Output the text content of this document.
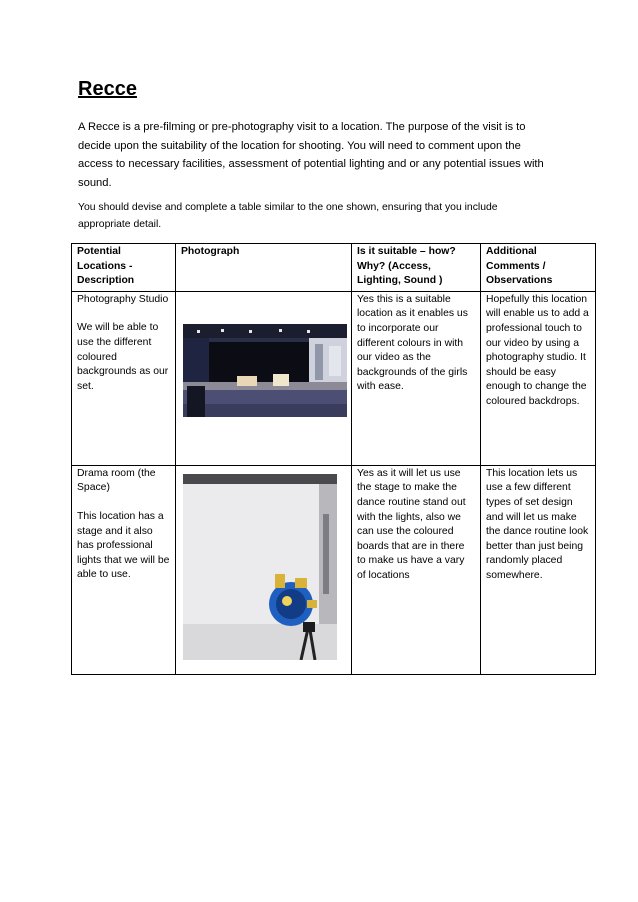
Recce

A Recce is a pre-filming or pre-photography visit to a location. The purpose of the visit is to decide upon the suitability of the location for shooting. You will need to comment upon the access to necessary facilities, assessment of potential lighting and or any potential issues with sound.

You should devise and complete a table similar to the one shown, ensuring that you include appropriate detail.

Potential Locations - Description	Photograph	Is it suitable – how? Why? (Access, Lighting, Sound )	Additional Comments / Observations

Photography Studio

We will be able to use the different coloured backgrounds as our set.		Yes this is a suitable location as it enables us to incorporate our different colours in with our video as the backgrounds of the girls with ease.	Hopefully this location will enable us to add a professional touch to our video by using a photography studio. It should be easy enough to change the coloured backdrops.

Drama room (the Space)

This location has a stage and it also has professional lights that we will be able to use.		Yes as it will let us use the stage to make the dance routine stand out with the lights, also we can use the coloured boards that are in there to make us have a vary of locations	This location lets us use a few different types of set design and will let us make the dance routine look better than just being randomly placed somewhere.
